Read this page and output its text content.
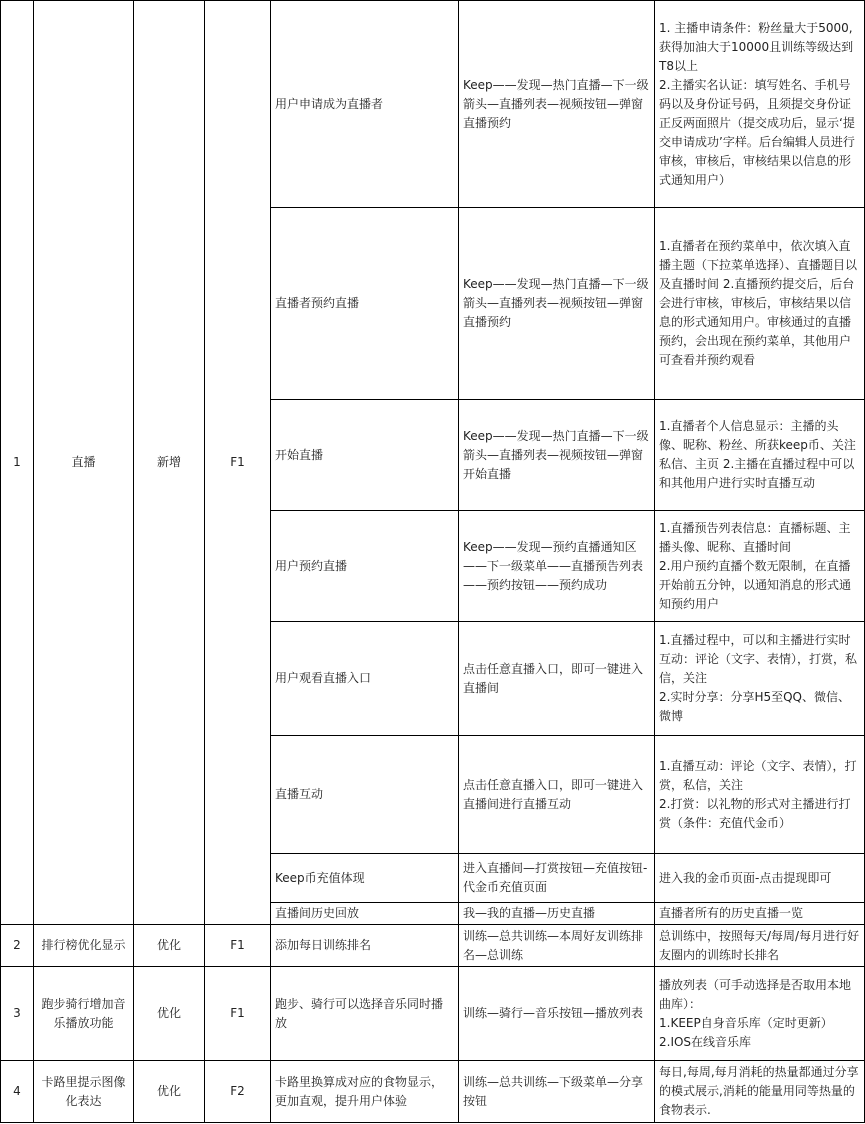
1	直播	新增	F1	用户申请成为直播者	Keep——发现—热门直播—下一级箭头—直播列表—视频按钮—弹窗直播预约	1. 主播申请条件：粉丝量大于5000,获得加油大于10000且训练等级达到T8以上
2.主播实名认证：填写姓名、手机号码以及身份证号码，且须提交身份证正反两面照片（提交成功后，显示‘提交申请成功’字样。后台编辑人员进行审核，审核后，审核结果以信息的形式通知用户）
				直播者预约直播	Keep——发现—热门直播—下一级箭头—直播列表—视频按钮—弹窗直播预约	1.直播者在预约菜单中，依次填入直播主题（下拉菜单选择）、直播题目以及直播时间 2.直播预约提交后，后台会进行审核，审核后，审核结果以信息的形式通知用户。审核通过的直播预约，会出现在预约菜单，其他用户可查看并预约观看
				开始直播	Keep——发现—热门直播—下一级箭头—直播列表—视频按钮—弹窗开始直播	1.直播者个人信息显示：主播的头像、昵称、粉丝、所获keep币、关注私信、主页 2.主播在直播过程中可以和其他用户进行实时直播互动
				用户预约直播	Keep——发现—预约直播通知区——下一级菜单——直播预告列表——预约按钮——预约成功	1.直播预告列表信息：直播标题、主播头像、昵称、直播时间
2.用户预约直播个数无限制，在直播开始前五分钟，以通知消息的形式通知预约用户
				用户观看直播入口	点击任意直播入口，即可一键进入直播间	1.直播过程中，可以和主播进行实时互动：评论（文字、表情），打赏，私信，关注
2.实时分享：分享H5至QQ、微信、微博
				直播互动	点击任意直播入口，即可一键进入直播间进行直播互动	1.直播互动：评论（文字、表情），打赏，私信，关注
2.打赏：以礼物的形式对主播进行打赏（条件：充值代金币）
				Keep币充值体现	进入直播间—打赏按钮—充值按钮-代金币充值页面	进入我的金币页面-点击提现即可
				直播间历史回放	我—我的直播—历史直播	直播者所有的历史直播一览
2	排行榜优化显示	优化	F1	添加每日训练排名	训练—总共训练—本周好友训练排名—总训练	总训练中，按照每天/每周/每月进行好友圈内的训练时长排名
3	跑步骑行增加音乐播放功能	优化	F1	跑步、骑行可以选择音乐同时播放	训练—骑行—音乐按钮—播放列表	播放列表（可手动选择是否取用本地曲库）：
1.KEEP自身音乐库（定时更新）
2.IOS在线音乐库
4	卡路里提示图像化表达	优化	F2	卡路里换算成对应的食物显示，更加直观，提升用户体验	训练—总共训练—下级菜单—分享按钮	每日,每周,每月消耗的热量都通过分享的模式展示,消耗的能量用同等热量的食物表示.
